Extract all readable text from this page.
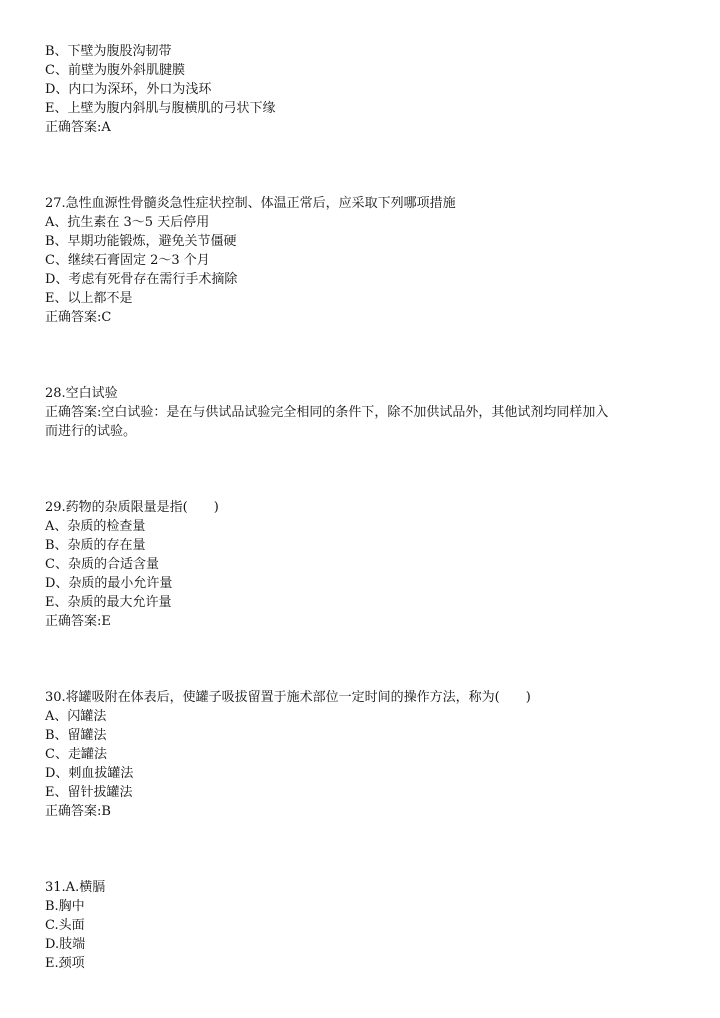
B、下壁为腹股沟韧带
C、前壁为腹外斜肌腱膜
D、内口为深环，外口为浅环
E、上壁为腹内斜肌与腹横肌的弓状下缘
正确答案:A
27.急性血源性骨髓炎急性症状控制、体温正常后，应采取下列哪项措施
A、抗生素在 3～5 天后停用
B、早期功能锻炼，避免关节僵硬
C、继续石膏固定 2～3 个月
D、考虑有死骨存在需行手术摘除
E、以上都不是
正确答案:C
28.空白试验
正确答案:空白试验：是在与供试品试验完全相同的条件下，除不加供试品外，其他试剂均同样加入
而进行的试验。
29.药物的杂质限量是指(　　)
A、杂质的检查量
B、杂质的存在量
C、杂质的合适含量
D、杂质的最小允许量
E、杂质的最大允许量
正确答案:E
30.将罐吸附在体表后，使罐子吸拔留置于施术部位一定时间的操作方法，称为(　　)
A、闪罐法
B、留罐法
C、走罐法
D、刺血拔罐法
E、留针拔罐法
正确答案:B
31.A.横膈
B.胸中
C.头面
D.肢端
E.颈项
